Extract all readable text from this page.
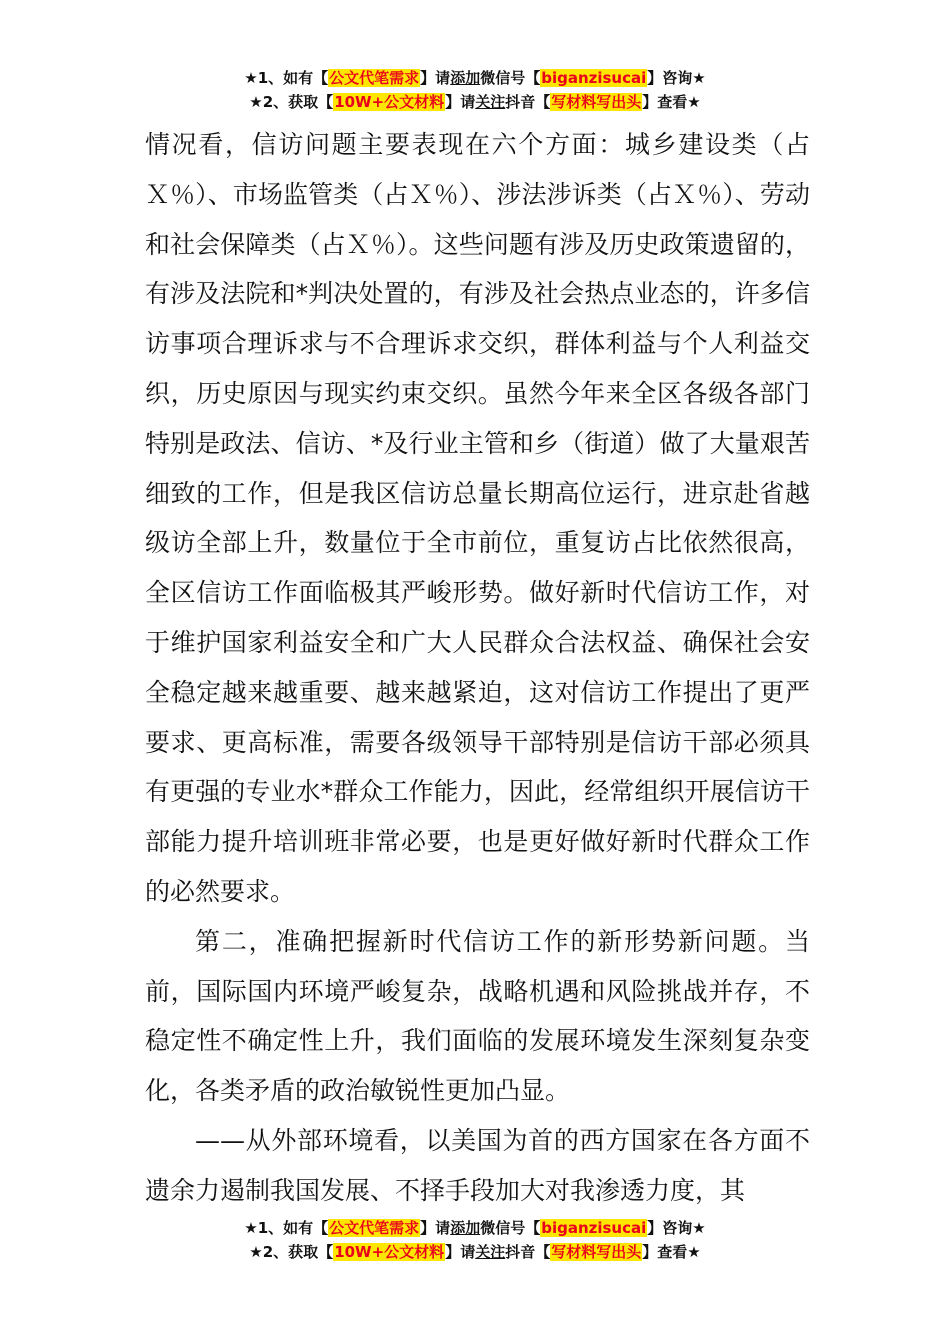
★1、如有【公文代笔需求】请添加微信号【biganzisucai】咨询★
★2、获取【10W+公文材料】请关注抖音【写材料写出头】查看★

情况看，信访问题主要表现在六个方面：城乡建设类（占Ｘ％）、市场监管类（占Ｘ％）、涉法涉诉类（占Ｘ％）、劳动和社会保障类（占Ｘ％）。这些问题有涉及历史政策遗留的，有涉及法院和*判决处置的，有涉及社会热点业态的，许多信访事项合理诉求与不合理诉求交织，群体利益与个人利益交织，历史原因与现实约束交织。虽然今年来全区各级各部门特别是政法、信访、*及行业主管和乡（街道）做了大量艰苦细致的工作，但是我区信访总量长期高位运行，进京赴省越级访全部上升，数量位于全市前位，重复访占比依然很高，全区信访工作面临极其严峻形势。做好新时代信访工作，对于维护国家利益安全和广大人民群众合法权益、确保社会安全稳定越来越重要、越来越紧迫，这对信访工作提出了更严要求、更高标准，需要各级领导干部特别是信访干部必须具有更强的专业水*群众工作能力，因此，经常组织开展信访干部能力提升培训班非常必要，也是更好做好新时代群众工作的必然要求。

第二，准确把握新时代信访工作的新形势新问题。当前，国际国内环境严峻复杂，战略机遇和风险挑战并存，不稳定性不确定性上升，我们面临的发展环境发生深刻复杂变化，各类矛盾的政治敏锐性更加凸显。

——从外部环境看，以美国为首的西方国家在各方面不遗余力遏制我国发展、不择手段加大对我渗透力度，其

★1、如有【公文代笔需求】请添加微信号【biganzisucai】咨询★
★2、获取【10W+公文材料】请关注抖音【写材料写出头】查看★
